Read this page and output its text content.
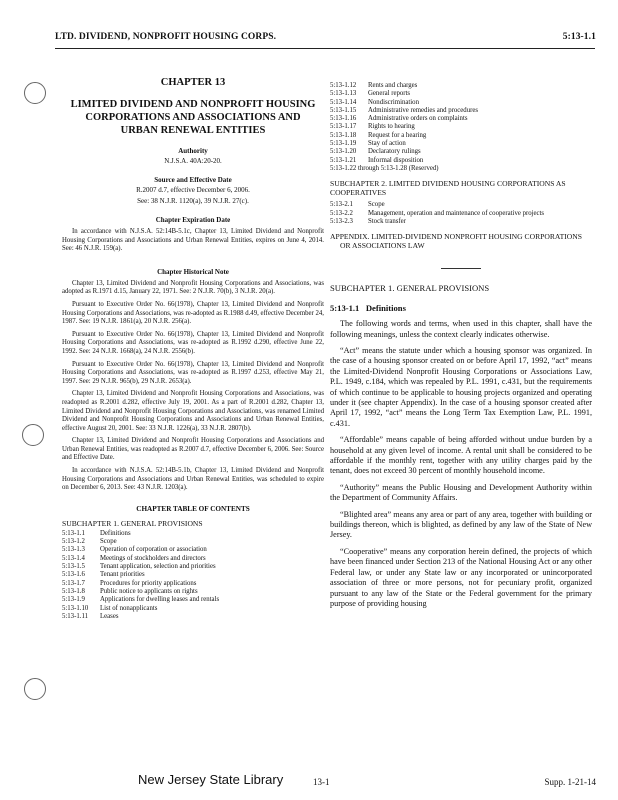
LTD. DIVIDEND, NONPROFIT HOUSING CORPS.	5:13-1.1
CHAPTER 13
LIMITED DIVIDEND AND NONPROFIT HOUSING
CORPORATIONS AND ASSOCIATIONS AND
URBAN RENEWAL ENTITIES
Authority
N.J.S.A. 40A:20-20.
Source and Effective Date
R.2007 d.7, effective December 6, 2006.
See: 38 N.J.R. 1120(a), 39 N.J.R. 27(c).
Chapter Expiration Date

In accordance with N.J.S.A. 52:14B-5.1c, Chapter 13, Limited Dividend and Nonprofit Housing Corporations and Associations and Urban Renewal Entities, expires on June 4, 2014. See: 46 N.J.R. 159(a).

Chapter Historical Note

Chapter 13, Limited Dividend and Nonprofit Housing Corporations and Associations, was adopted as R.1971 d.15, January 22, 1971. See: 2 N.J.R. 70(b), 3 N.J.R. 20(a).

Pursuant to Executive Order No. 66(1978), Chapter 13, Limited Dividend and Nonprofit Housing Corporations and Associations, was re-adopted as R.1988 d.49, effective December 24, 1987. See: 19 N.J.R. 1861(a), 20 N.J.R. 256(a).

Pursuant to Executive Order No. 66(1978), Chapter 13, Limited Dividend and Nonprofit Housing Corporations and Associations, was re-adopted as R.1992 d.290, effective June 22, 1992. See: 24 N.J.R. 1668(a), 24 N.J.R. 2556(b).

Pursuant to Executive Order No. 66(1978), Chapter 13, Limited Dividend and Nonprofit Housing Corporations and Associations, was re-adopted as R.1997 d.253, effective May 21, 1997. See: 29 N.J.R. 965(b), 29 N.J.R. 2653(a).

Chapter 13, Limited Dividend and Nonprofit Housing Corporations and Associations, was readopted as R.2001 d.282, effective July 19, 2001. As a part of R.2001 d.282, Chapter 13, Limited Dividend and Nonprofit Housing Corporations and Associations, was renamed Limited Dividend and Nonprofit Housing Corporations and Associations and Urban Renewal Entities, effective August 20, 2001. See: 33 N.J.R. 1226(a), 33 N.J.R. 2807(b).

Chapter 13, Limited Dividend and Nonprofit Housing Corporations and Associations and Urban Renewal Entities, was readopted as R.2007 d.7, effective December 6, 2006. See: Source and Effective Date.

In accordance with N.J.S.A. 52:14B-5.1b, Chapter 13, Limited Dividend and Nonprofit Housing Corporations and Associations and Urban Renewal Entities, was scheduled to expire on December 6, 2013. See: 43 N.J.R. 1203(a).

CHAPTER TABLE OF CONTENTS
SUBCHAPTER 1. GENERAL PROVISIONS
5:13-1.1	Definitions
5:13-1.2	Scope
5:13-1.3	Operation of corporation or association
5:13-1.4	Meetings of stockholders and directors
5:13-1.5	Tenant application, selection and priorities
5:13-1.6	Tenant priorities
5:13-1.7	Procedures for priority applications
5:13-1.8	Public notice to applicants on rights
5:13-1.9	Applications for dwelling leases and rentals
5:13-1.10	List of nonapplicants
5:13-1.11	Leases
5:13-1.12	Rents and charges
5:13-1.13	General reports
5:13-1.14	Nondiscrimination
5:13-1.15	Administrative remedies and procedures
5:13-1.16	Administrative orders on complaints
5:13-1.17	Rights to hearing
5:13-1.18	Request for a hearing
5:13-1.19	Stay of action
5:13-1.20	Declaratory rulings
5:13-1.21	Informal disposition
5:13-1.22 through 5:13-1.28 (Reserved)
SUBCHAPTER 2. LIMITED DIVIDEND HOUSING CORPORATIONS AS COOPERATIVES
5:13-2.1	Scope
5:13-2.2	Management, operation and maintenance of cooperative projects
5:13-2.3	Stock transfer
APPENDIX. LIMITED-DIVIDEND NONPROFIT HOUSING CORPORATIONS OR ASSOCIATIONS LAW
SUBCHAPTER 1. GENERAL PROVISIONS
5:13-1.1 Definitions

The following words and terms, when used in this chapter, shall have the following meanings, unless the context clearly indicates otherwise.

“Act” means the statute under which a housing sponsor was organized. In the case of a housing sponsor created on or before April 17, 1992, “act” means the Limited-Dividend Nonprofit Housing Corporations or Associations Law, P.L. 1949, c.184, which was repealed by P.L. 1991, c.431, but the requirements of which continue to be applicable to housing projects organized and operating under it (see chapter Appendix). In the case of a housing sponsor created after April 17, 1992, “act” means the Long Term Tax Exemption Law, P.L. 1991, c.431.

“Affordable” means capable of being afforded without undue burden by a household at any given level of income. A rental unit shall be considered to be affordable if the monthly rent, together with any utility charges paid by the tenant, does not exceed 30 percent of monthly household income.

“Authority” means the Public Housing and Development Authority within the Department of Community Affairs.

“Blighted area” means any area or part of any area, together with building or buildings thereon, which is blighted, as defined by any law of the State of New Jersey.

“Cooperative” means any corporation herein defined, the projects of which have been financed under Section 213 of the National Housing Act or any other Federal law, or under any State law or any incorporated or unincorporated association of three or more persons, not for pecuniary profit, organized pursuant to any law of the State or the Federal government for the primary purpose of providing housing

New Jersey State Library	13-1	Supp. 1-21-14
